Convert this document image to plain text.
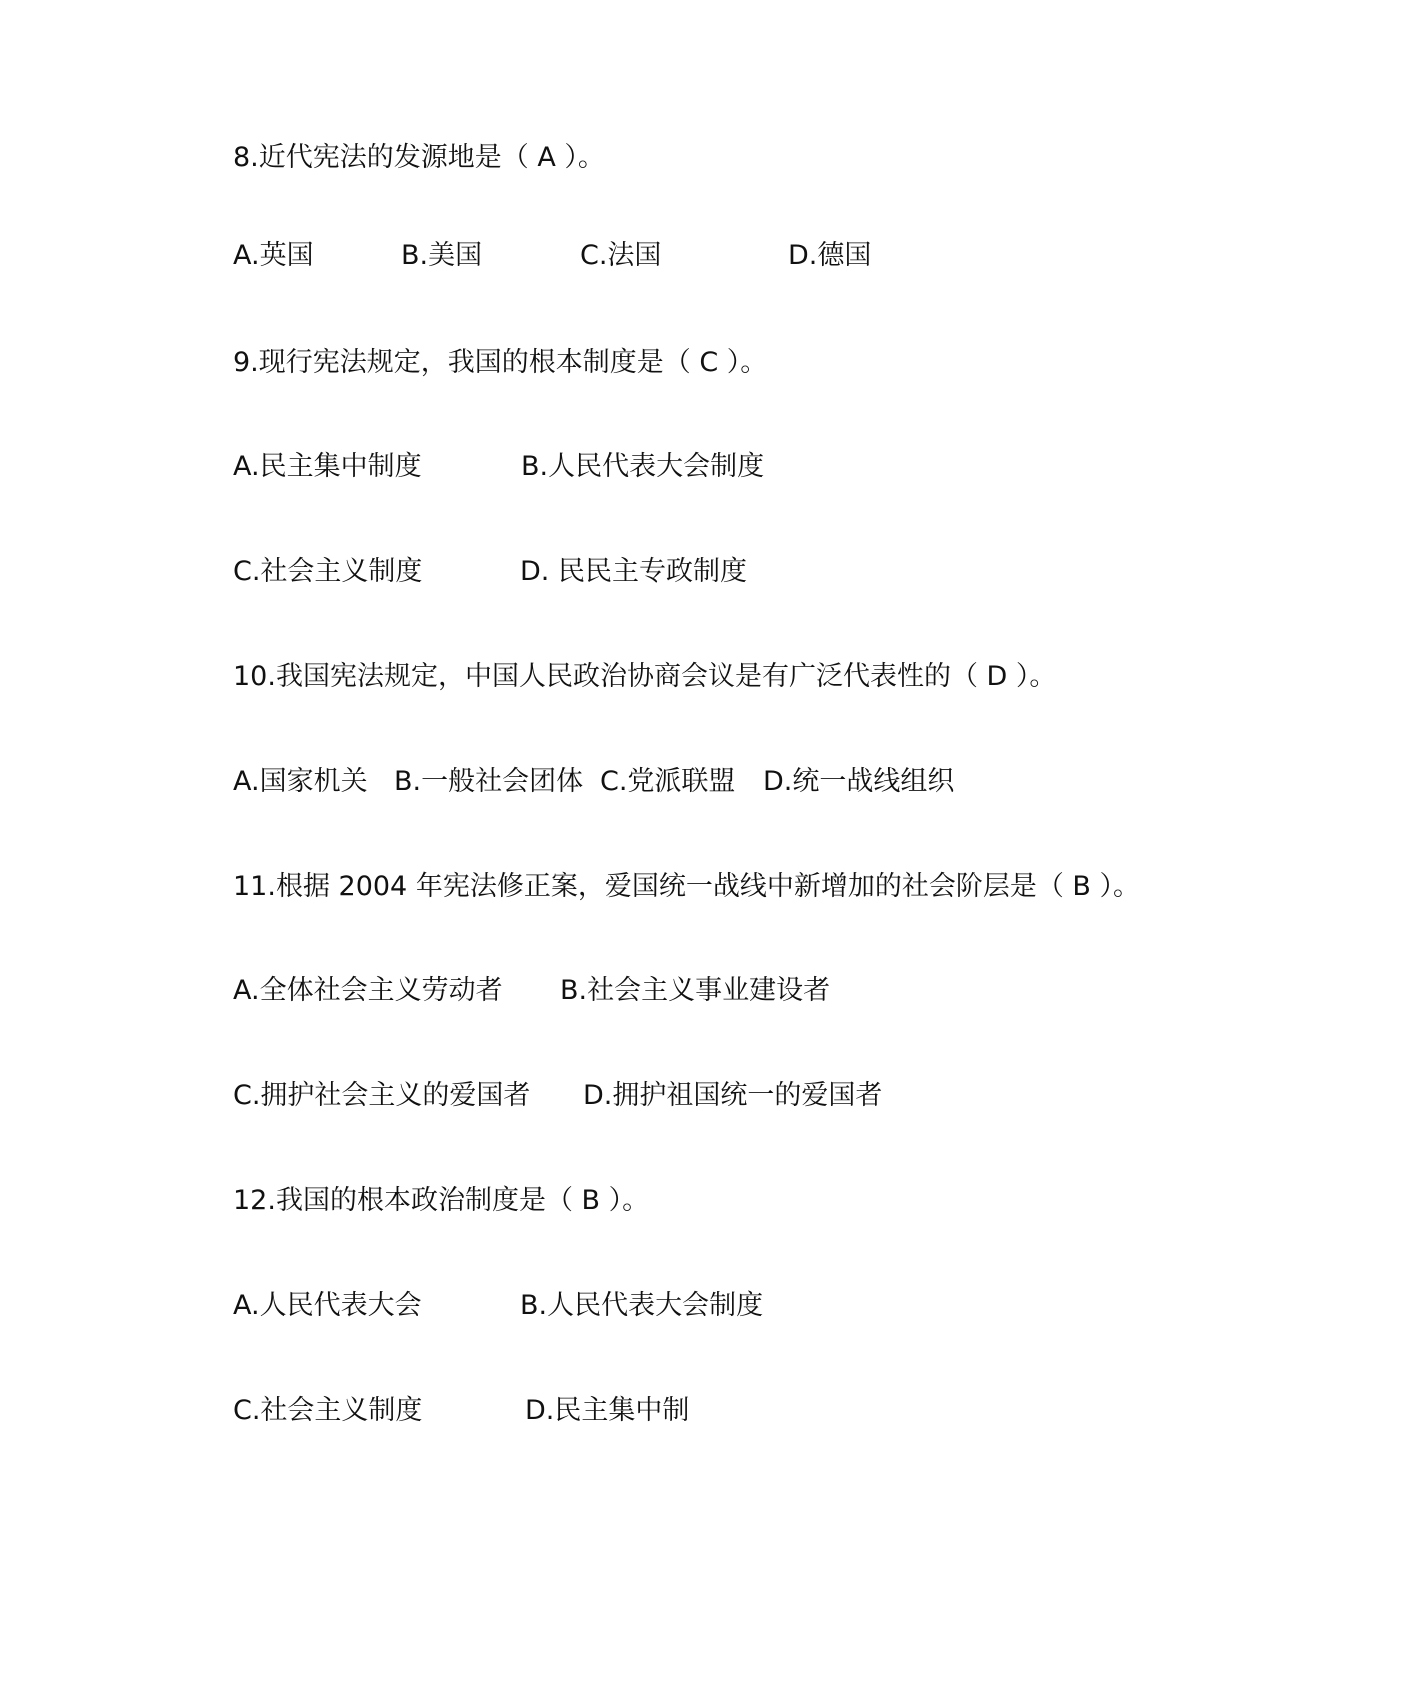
8.近代宪法的发源地是（ A ）。
A.英国	B.美国	C.法国	D.德国
9.现行宪法规定，我国的根本制度是（ C ）。
A.民主集中制度	B.人民代表大会制度
C.社会主义制度	D. 民民主专政制度
10.我国宪法规定，中国人民政治协商会议是有广泛代表性的（ D ）。
A.国家机关 B.一般社会团体 C.党派联盟 D.统一战线组织
11.根据 2004 年宪法修正案，爱国统一战线中新增加的社会阶层是（ B ）。
A.全体社会主义劳动者 B.社会主义事业建设者
C.拥护社会主义的爱国者 D.拥护祖国统一的爱国者
12.我国的根本政治制度是（ B ）。
A.人民代表大会	B.人民代表大会制度
C.社会主义制度	D.民主集中制
